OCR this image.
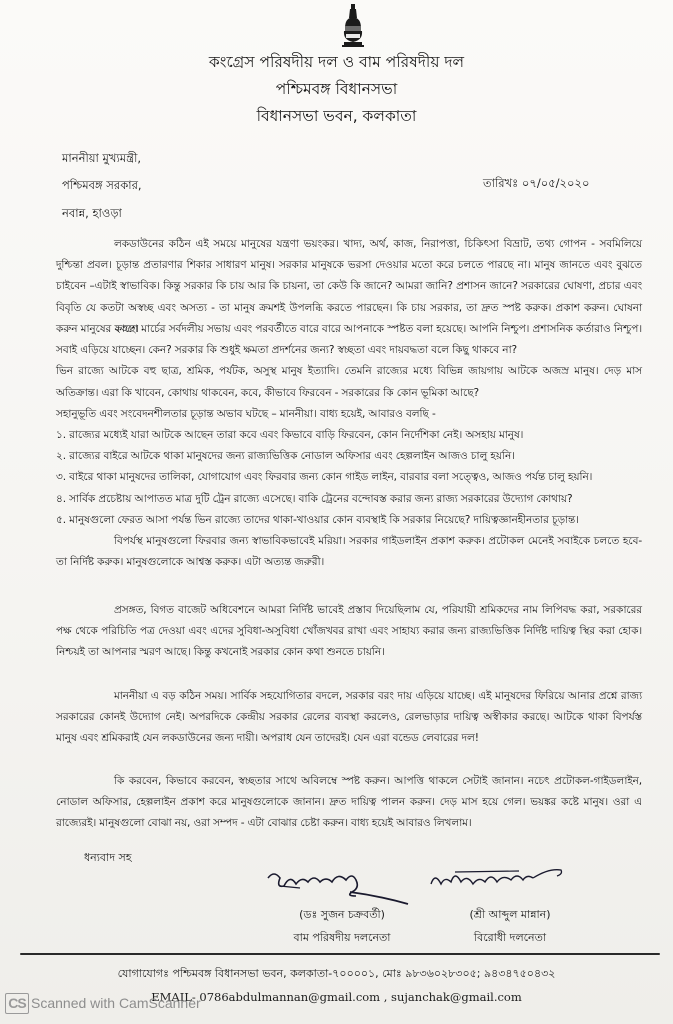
কংগ্রেস পরিষদীয় দল ও বাম পরিষদীয় দল
পশ্চিমবঙ্গ বিধানসভা
বিধানসভা ভবন, কলকাতা
মাননীয়া মুখ্যমন্ত্রী,
পশ্চিমবঙ্গ সরকার,
নবান্ন, হাওড়া
তারিখঃ ০৭/০৫/২০২০

লকডাউনের কঠিন এই সময়ে মানুষের যন্ত্রণা ভয়ংকর। খাদ্য, অর্থ, কাজ, নিরাপত্তা, চিকিৎসা বিভ্রাট, তথ্য গোপন - সবমিলিয়ে দুশ্চিন্তা প্রবল। চূড়ান্ত প্রতারণার শিকার সাধারণ মানুষ। সরকার মানুষকে ভরসা দেওয়ার মতো করে চলতে পারছে না। মানুষ জানতে এবং বুঝতে চাইবেন –এটাই স্বাভাবিক। কিন্তু সরকার কি চায় আর কি চায়না, তা কেউ কি জানে? আমরা জানি? প্রশাসন জানে? সরকারের ঘোষণা, প্রচার এবং বিবৃতি যে কতটা অস্বচ্ছ এবং অসত্য - তা মানুষ ক্রমশই উপলব্ধি করতে পারছেন। কি চায় সরকার, তা দ্রুত স্পষ্ট করুক। প্রকাশ করুন। ঘোষনা করুন মানুষের কাছে।

২৩শে মার্চের সর্বদলীয় সভায় এবং পরবর্তীতে বারে বারে আপনাকে স্পষ্টত বলা হয়েছে। আপনি নিশ্চুপ। প্রশাসনিক কর্তারাও নিশ্চুপ। সবাই এড়িয়ে যাচ্ছেন। কেন? সরকার কি শুধুই ক্ষমতা প্রদর্শনের জন্য? স্বচ্ছতা এবং দায়বদ্ধতা বলে কিছু থাকবে না?

ভিন রাজ্যে আটকে বহু ছাত্র, শ্রমিক, পর্যটক, অসুস্থ মানুষ ইত্যাদি। তেমনি রাজ্যের মধ্যে বিভিন্ন জায়গায় আটকে অজস্র মানুষ। দেড় মাস অতিক্রান্ত। এরা কি খাবেন, কোথায় থাকবেন, কবে, কীভাবে ফিরবেন - সরকারের কি কোন ভূমিকা আছে?

সহানুভূতি এবং সংবেদনশীলতার চূড়ান্ত অভাব ঘটছে – মাননীয়া। বাধ্য হয়েই, আবারও বলছি -

১. রাজ্যের মধ্যেই যারা আটকে আছেন তারা কবে এবং কিভাবে বাড়ি ফিরবেন, কোন নির্দেশিকা নেই। অসহায় মানুষ।

২. রাজ্যের বাইরে আটকে থাকা মানুষদের জন্য রাজ্যভিত্তিক নোডাল অফিসার এবং হেল্পলাইন আজও চালু হয়নি।

৩. বাইরে থাকা মানুষদের তালিকা, যোগাযোগ এবং ফিরবার জন্য কোন গাইড লাইন, বারবার বলা সত্ত্বেও, আজও পর্যন্ত চালু হয়নি।

৪. সার্বিক প্রচেষ্টায় আপাতত মাত্র দুটি ট্রেন রাজ্যে এসেছে। বাকি ট্রেনের বন্দোবস্ত করার জন্য রাজ্য সরকারের উদ্যোগ কোথায়?

৫. মানুষগুলো ফেরত আসা পর্যন্ত ভিন রাজ্যে তাদের থাকা-খাওয়ার কোন ব্যবস্থাই কি সরকার নিয়েছে? দায়িত্বজ্ঞানহীনতার চূড়ান্ত।

বিপর্যস্থ মানুষগুলো ফিরবার জন্য স্বাভাবিকভাবেই মরিয়া। সরকার গাইডলাইন প্রকাশ করুক। প্রটোকল মেনেই সবাইকে চলতে হবে- তা নির্দিষ্ট করুক। মানুষগুলোকে আশ্বস্ত করুক। এটা অত্যন্ত জরুরী।

প্রসঙ্গত, বিগত বাজেট অধিবেশনে আমরা নির্দিষ্ট ভাবেই প্রস্তাব দিয়েছিলাম যে, পরিযায়ী শ্রমিকদের নাম লিপিবদ্ধ করা, সরকারের পক্ষ থেকে পরিচিতি পত্র দেওয়া এবং এদের সুবিধা-অসুবিধা খোঁজখবর রাখা এবং সাহায্য করার জন্য রাজ্যভিত্তিক নির্দিষ্ট দায়িত্ব স্থির করা হোক। নিশ্চয়ই তা আপনার স্মরণ আছে। কিন্তু কখনোই সরকার কোন কথা শুনতে চায়নি।

মাননীয়া এ বড় কঠিন সময়। সার্বিক সহযোগিতার বদলে, সরকার বরং দায় এড়িয়ে যাচ্ছে। এই মানুষদের ফিরিয়ে আনার প্রশ্নে রাজ্য সরকারের কোনই উদ্যোগ নেই। অপরদিকে কেন্দ্রীয় সরকার রেলের ব্যবস্থা করলেও, রেলভাড়ার দায়িত্ব অস্বীকার করছে। আটকে থাকা বিপর্যস্ত মানুষ এবং শ্রমিকরাই যেন লকডাউনের জন্য দায়ী। অপরাধ যেন তাদেরই। যেন এরা বন্ডেড লেবারের দল!

কি করবেন, কিভাবে করবেন, স্বচ্ছতার সাথে অবিলম্বে স্পষ্ট করুন। আপত্তি থাকলে সেটাই জানান। নচেৎ প্রটোকল-গাইডলাইন, নোডাল অফিসার, হেল্পলাইন প্রকাশ করে মানুষগুলোকে জানান। দ্রুত দায়িত্ব পালন করুন। দেড় মাস হয়ে গেল। ভয়ঙ্কর কষ্টে মানুষ। ওরা এ রাজ্যেরই। মানুষগুলো বোঝা নয়, ওরা সম্পদ - এটা বোঝার চেষ্টা করুন। বাধ্য হয়েই আবারও লিখলাম।

ধন্যবাদ সহ
(ডঃ সুজন চক্রবর্তী)
বাম পরিষদীয় দলনেতা
(শ্রী আব্দুল মান্নান)
বিরোধী দলনেতা
যোগাযোগঃ পশ্চিমবঙ্গ বিধানসভা ভবন, কলকাতা-৭০০০০১, মোঃ ৯৮৩৬০২৮৩০৫; ৯৪৩৪৭৫০৪৩২
EMAIL- 0786abdulmannan@gmail.com , sujanchak@gmail.com
CS Scanned with CamScanner
